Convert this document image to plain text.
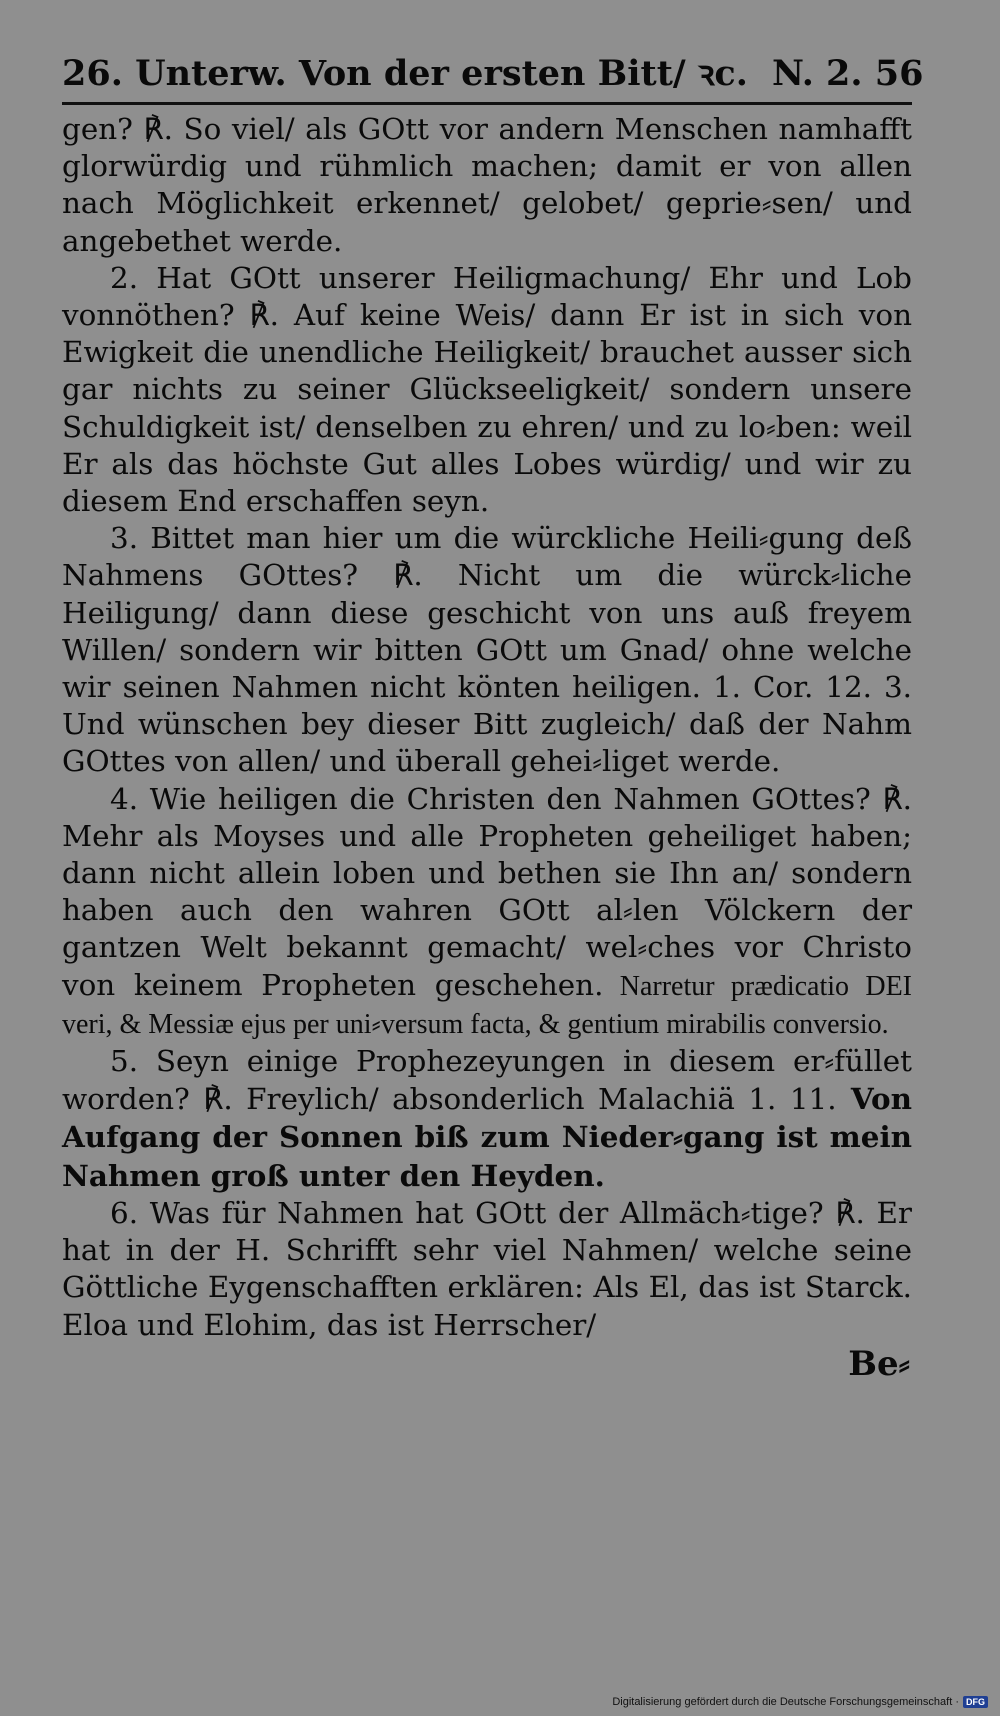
26. Unterw. Von der ersten Bitt/ ꝛc. N. 2. 56

gen? ℟. So viel/ als GOtt vor andern Menschen namhafft glorwürdig und rühmlich machen; damit er von allen nach Möglichkeit erkennet/ gelobet/ geprie⸗sen/ und angebethet werde.

2. Hat GOtt unserer Heiligmachung/ Ehr und Lob vonnöthen? ℟. Auf keine Weis/ dann Er ist in sich von Ewigkeit die unendliche Heiligkeit/ brauchet ausser sich gar nichts zu seiner Glückseeligkeit/ sondern unsere Schuldigkeit ist/ denselben zu ehren/ und zu lo⸗ben: weil Er als das höchste Gut alles Lobes würdig/ und wir zu diesem End erschaffen seyn.

3. Bittet man hier um die würckliche Heili⸗gung deß Nahmens GOttes? ℟. Nicht um die würck⸗liche Heiligung/ dann diese geschicht von uns auß freyem Willen/ sondern wir bitten GOtt um Gnad/ ohne welche wir seinen Nahmen nicht könten heiligen. 1. Cor. 12. 3. Und wünschen bey dieser Bitt zugleich/ daß der Nahm GOttes von allen/ und überall gehei⸗liget werde.

4. Wie heiligen die Christen den Nahmen GOttes? ℟. Mehr als Moyses und alle Propheten geheiliget haben; dann nicht allein loben und bethen sie Ihn an/ sondern haben auch den wahren GOtt al⸗len Völckern der gantzen Welt bekannt gemacht/ wel⸗ches vor Christo von keinem Propheten geschehen. Narretur prædicatio DEI veri, & Messiæ ejus per uni⸗versum facta, & gentium mirabilis conversio.

5. Seyn einige Prophezeyungen in diesem er⸗füllet worden? ℟. Freylich/ absonderlich Malachiä 1. 11. Von Aufgang der Sonnen biß zum Nieder⸗gang ist mein Nahmen groß unter den Heyden.

6. Was für Nahmen hat GOtt der Allmäch⸗tige? ℟. Er hat in der H. Schrifft sehr viel Nahmen/ welche seine Göttliche Eygenschafften erklären: Als El, das ist Starck. Eloa und Elohim, das ist Herrscher/

Be⸗
Digitalisierung gefördert durch die Deutsche Forschungsgemeinschaft · DFG
